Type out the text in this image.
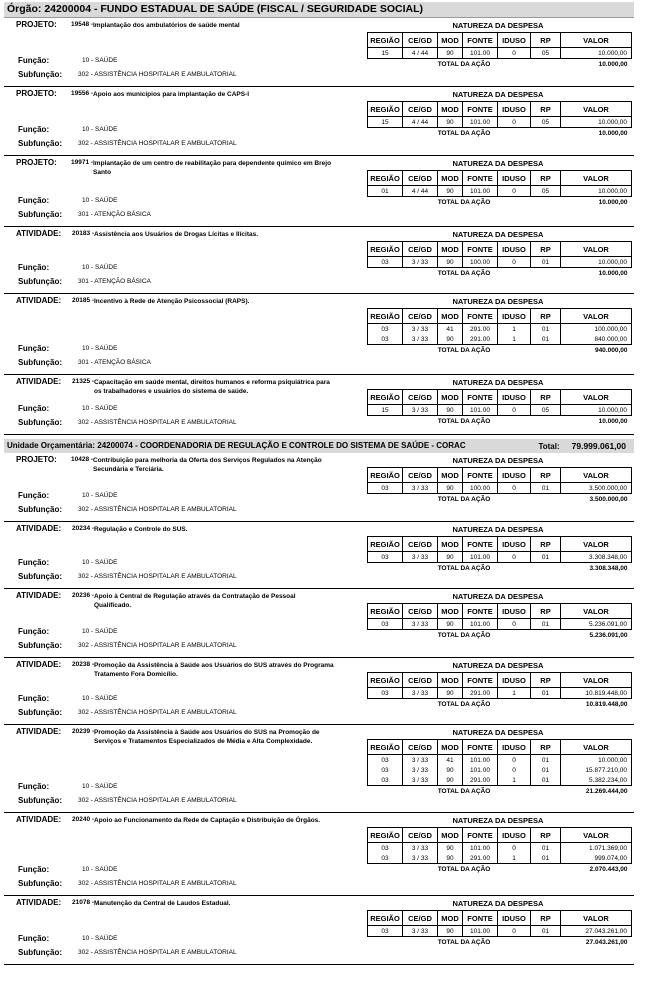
Órgão: 24200004 - FUNDO ESTADUAL DE SAÚDE (FISCAL / SEGURIDADE SOCIAL)
PROJETO: 19548 - Implantação dos ambulatórios de saúde mental	NATUREZA DA DESPESA
REGIÃO	CE/GD	MOD	FONTE	IDUSO	RP	VALOR
15	4 / 44	90	101.00	0	05	10.000,00
TOTAL DA AÇÃO						10.000,00
Função:	10 - SAÚDE
Subfunção: 302 - ASSISTÊNCIA HOSPITALAR E AMBULATORIAL
PROJETO: 19556 - Apoio aos municípios para implantação de CAPS-I	NATUREZA DA DESPESA
REGIÃO	CE/GD	MOD	FONTE	IDUSO	RP	VALOR
15	4 / 44	90	101.00	0	05	10.000,00
TOTAL DA AÇÃO						10.000,00
Função:	10 - SAÚDE
Subfunção: 302 - ASSISTÊNCIA HOSPITALAR E AMBULATORIAL
PROJETO: 19971 - Implantação de um centro de reabilitação para dependente químico em Brejo Santo
NATUREZA DA DESPESA
REGIÃO	CE/GD	MOD	FONTE	IDUSO	RP	VALOR
01	4 / 44	90	101.00	0	05	10.000,00
TOTAL DA AÇÃO						10.000,00
Função:	10 - SAÚDE
Subfunção: 301 - ATENÇÃO BÁSICA
ATIVIDADE: 20183 - Assistência aos Usuários de Drogas Lícitas e Ilícitas.	NATUREZA DA DESPESA
REGIÃO	CE/GD	MOD	FONTE	IDUSO	RP	VALOR
03	3 / 33	90	100.00	0	01	10.000,00
TOTAL DA AÇÃO						10.000,00
Função:	10 - SAÚDE
Subfunção: 301 - ATENÇÃO BÁSICA
ATIVIDADE: 20185 - Incentivo à Rede de Atenção Psicossocial (RAPS).	NATUREZA DA DESPESA
REGIÃO	CE/GD	MOD	FONTE	IDUSO	RP	VALOR
03	3 / 33	41	291.00	1	01	100.000,00
03	3 / 33	90	291.00	1	01	840.000,00
TOTAL DA AÇÃO						940.000,00
Função:	10 - SAÚDE
Subfunção: 301 - ATENÇÃO BÁSICA
ATIVIDADE: 21325 - Capacitação em saúde mental, direitos humanos e reforma psiquiátrica para os trabalhadores e usuários do sistema de saúde.
NATUREZA DA DESPESA
REGIÃO	CE/GD	MOD	FONTE	IDUSO	RP	VALOR
15	3 / 33	90	101.00	0	05	10.000,00
TOTAL DA AÇÃO						10.000,00
Função:	10 - SAÚDE
Subfunção: 302 - ASSISTÊNCIA HOSPITALAR E AMBULATORIAL
Unidade Orçamentária: 24200074 - COORDENADORIA DE REGULAÇÃO E CONTROLE DO SISTEMA DE SAÚDE - CORAC	Total: 79.999.061,00
PROJETO: 10428 - Contribuição para melhoria da Oferta dos Serviços Regulados na Atenção Secundária e Terciária.
NATUREZA DA DESPESA
REGIÃO	CE/GD	MOD	FONTE	IDUSO	RP	VALOR
03	3 / 33	90	100.00	0	01	3.500.000,00
TOTAL DA AÇÃO						3.500.000,00
Função:	10 - SAÚDE
Subfunção: 302 - ASSISTÊNCIA HOSPITALAR E AMBULATORIAL
ATIVIDADE: 20234 - Regulação e Controle do SUS.	NATUREZA DA DESPESA
REGIÃO	CE/GD	MOD	FONTE	IDUSO	RP	VALOR
03	3 / 33	90	101.00	0	01	3.308.348,00
TOTAL DA AÇÃO						3.308.348,00
Função:	10 - SAÚDE
Subfunção: 302 - ASSISTÊNCIA HOSPITALAR E AMBULATORIAL
ATIVIDADE: 20236 - Apoio à Central de Regulação através da Contratação de Pessoal Qualificado.
NATUREZA DA DESPESA
REGIÃO	CE/GD	MOD	FONTE	IDUSO	RP	VALOR
03	3 / 33	90	101.00	0	01	5.236.091,00
TOTAL DA AÇÃO						5.236.091,00
Função:	10 - SAÚDE
Subfunção: 302 - ASSISTÊNCIA HOSPITALAR E AMBULATORIAL
ATIVIDADE: 20238 - Promoção da Assistência à Saúde aos Usuários do SUS através do Programa Tratamento Fora Domicílio.
NATUREZA DA DESPESA
REGIÃO	CE/GD	MOD	FONTE	IDUSO	RP	VALOR
03	3 / 33	90	291.00	1	01	10.819.448,00
TOTAL DA AÇÃO						10.819.448,00
Função:	10 - SAÚDE
Subfunção: 302 - ASSISTÊNCIA HOSPITALAR E AMBULATORIAL
ATIVIDADE: 20239 - Promoção da Assistência à Saúde aos Usuários do SUS na Promoção de Serviços e Tratamentos Especializados de Média e Alta Complexidade.
NATUREZA DA DESPESA
REGIÃO	CE/GD	MOD	FONTE	IDUSO	RP	VALOR
03	3 / 33	41	101.00	0	01	10.000,00
03	3 / 33	90	101.00	0	01	15.877.210,00
03	3 / 33	90	291.00	1	01	5.382.234,00
TOTAL DA AÇÃO						21.269.444,00
Função:	10 - SAÚDE
Subfunção: 302 - ASSISTÊNCIA HOSPITALAR E AMBULATORIAL
ATIVIDADE: 20240 - Apoio ao Funcionamento da Rede de Captação e Distribuição de Órgãos.	NATUREZA DA DESPESA
REGIÃO	CE/GD	MOD	FONTE	IDUSO	RP	VALOR
03	3 / 33	90	101.00	0	01	1.071.369,00
03	3 / 33	90	291.00	1	01	999.074,00
TOTAL DA AÇÃO						2.070.443,00
Função:	10 - SAÚDE
Subfunção: 302 - ASSISTÊNCIA HOSPITALAR E AMBULATORIAL
ATIVIDADE: 21078 - Manutenção da Central de Laudos Estadual.	NATUREZA DA DESPESA
REGIÃO	CE/GD	MOD	FONTE	IDUSO	RP	VALOR
03	3 / 33	90	101.00	0	01	27.043.261,00
TOTAL DA AÇÃO						27.043.261,00
Função:	10 - SAÚDE
Subfunção: 302 - ASSISTÊNCIA HOSPITALAR E AMBULATORIAL
